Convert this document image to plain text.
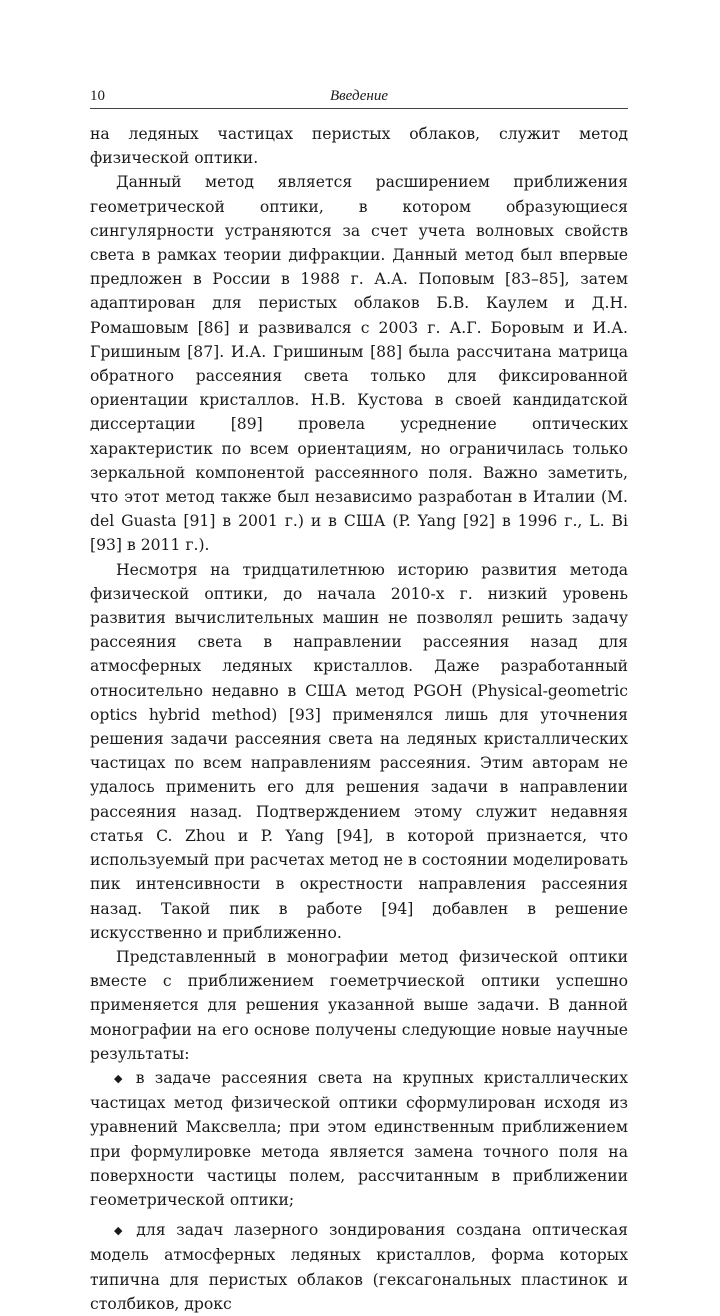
10	Введение

на ледяных частицах перистых облаков, служит метод физической оптики.

Данный метод является расширением приближения геометрической оптики, в котором образующиеся сингулярности устраняются за счет учета волновых свойств света в рамках теории дифракции. Данный метод был впервые предложен в России в 1988 г. А.А. Поповым [83–85], затем адаптирован для перистых облаков Б.В. Каулем и Д.Н. Ромашовым [86] и развивался с 2003 г. А.Г. Боровым и И.А. Гришиным [87]. И.А. Гришиным [88] была рассчитана матрица обратного рассеяния света только для фиксированной ориентации кристаллов. Н.В. Кустова в своей кандидатской диссертации [89] провела усреднение оптических характеристик по всем ориентациям, но ограничилась только зеркальной компонентой рассеянного поля. Важно заметить, что этот метод также был независимо разработан в Италии (M. del Guasta [91] в 2001 г.) и в США (P. Yang [92] в 1996 г., L. Bi [93] в 2011 г.).

Несмотря на тридцатилетнюю историю развития метода физической оптики, до начала 2010-х г. низкий уровень развития вычислительных машин не позволял решить задачу рассеяния света в направлении рассеяния назад для атмосферных ледяных кристаллов. Даже разработанный относительно недавно в США метод PGOH (Physical-geometric optics hybrid method) [93] применялся лишь для уточнения решения задачи рассеяния света на ледяных кристаллических частицах по всем направлениям рассеяния. Этим авторам не удалось применить его для решения задачи в направлении рассеяния назад. Подтверждением этому служит недавняя статья C. Zhou и P. Yang [94], в которой признается, что используемый при расчетах метод не в состоянии моделировать пик интенсивности в окрестности направления рассеяния назад. Такой пик в работе [94] добавлен в решение искусственно и приближенно.

Представленный в монографии метод физической оптики вместе с приближением гоеметрчиеской оптики успешно применяется для решения указанной выше задачи. В данной монографии на его основе получены следующие новые научные результаты:

◆ в задаче рассеяния света на крупных кристаллических частицах метод физической оптики сформулирован исходя из уравнений Максвелла; при этом единственным приближением при формулировке метода является замена точного поля на поверхности частицы полем, рассчитанным в приближении геометрической оптики;

◆ для задач лазерного зондирования создана оптическая модель атмосферных ледяных кристаллов, форма которых типична для перистых облаков (гексагональных пластинок и столбиков, дрокс
